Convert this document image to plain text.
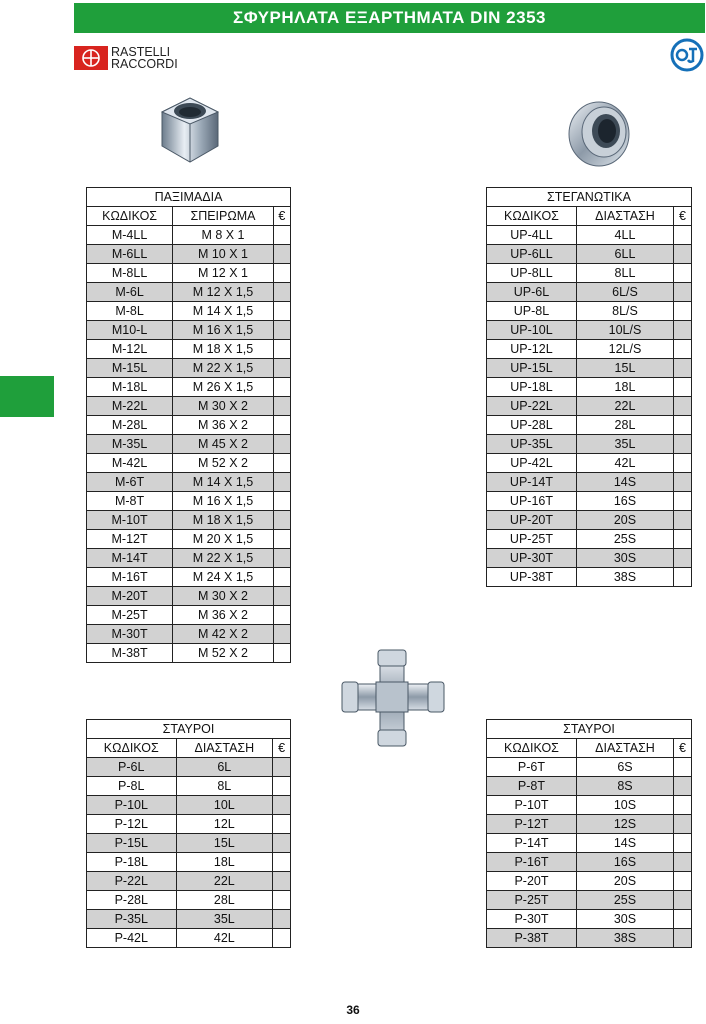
ΣΦΥΡΗΛΑΤΑ ΕΞΑΡΤΗΜΑΤΑ DIN 2353
RASTELLI
RACCORDI
ΠΑΞΙΜΑΔΙΑ		
ΚΩΔΙΚΟΣ	ΣΠΕΙΡΩΜΑ	€
M-4LL	M 8 X 1	
M-6LL	M 10 X 1	
M-8LL	M 12 X 1	
M-6L	M 12 X 1,5	
M-8L	M 14 X 1,5	
M10-L	M 16 X 1,5	
M-12L	M 18 X 1,5	
M-15L	M 22 X 1,5	
M-18L	M 26 X 1,5	
M-22L	M 30 X 2	
M-28L	M 36 X 2	
M-35L	M 45 X 2	
M-42L	M 52 X 2	
M-6T	M 14 X 1,5	
M-8T	M 16 X 1,5	
M-10T	M 18 X 1,5	
M-12T	M 20 X 1,5	
M-14T	M 22 X 1,5	
M-16T	M 24 X 1,5	
M-20T	M 30 X 2	
M-25T	M 36 X 2	
M-30T	M 42 X 2	
M-38T	M 52 X 2	
ΣΤΕΓΑΝΩΤΙΚΑ		
ΚΩΔΙΚΟΣ	ΔΙΑΣΤΑΣΗ	€
UP-4LL	4LL	
UP-6LL	6LL	
UP-8LL	8LL	
UP-6L	6L/S	
UP-8L	8L/S	
UP-10L	10L/S	
UP-12L	12L/S	
UP-15L	15L	
UP-18L	18L	
UP-22L	22L	
UP-28L	28L	
UP-35L	35L	
UP-42L	42L	
UP-14T	14S	
UP-16T	16S	
UP-20T	20S	
UP-25T	25S	
UP-30T	30S	
UP-38T	38S	
ΣΤΑΥΡΟΙ		
ΚΩΔΙΚΟΣ	ΔΙΑΣΤΑΣΗ	€
P-6L	6L	
P-8L	8L	
P-10L	10L	
P-12L	12L	
P-15L	15L	
P-18L	18L	
P-22L	22L	
P-28L	28L	
P-35L	35L	
P-42L	42L	
ΣΤΑΥΡΟΙ		
ΚΩΔΙΚΟΣ	ΔΙΑΣΤΑΣΗ	€
P-6T	6S	
P-8T	8S	
P-10T	10S	
P-12T	12S	
P-14T	14S	
P-16T	16S	
P-20T	20S	
P-25T	25S	
P-30T	30S	
P-38T	38S	
36
